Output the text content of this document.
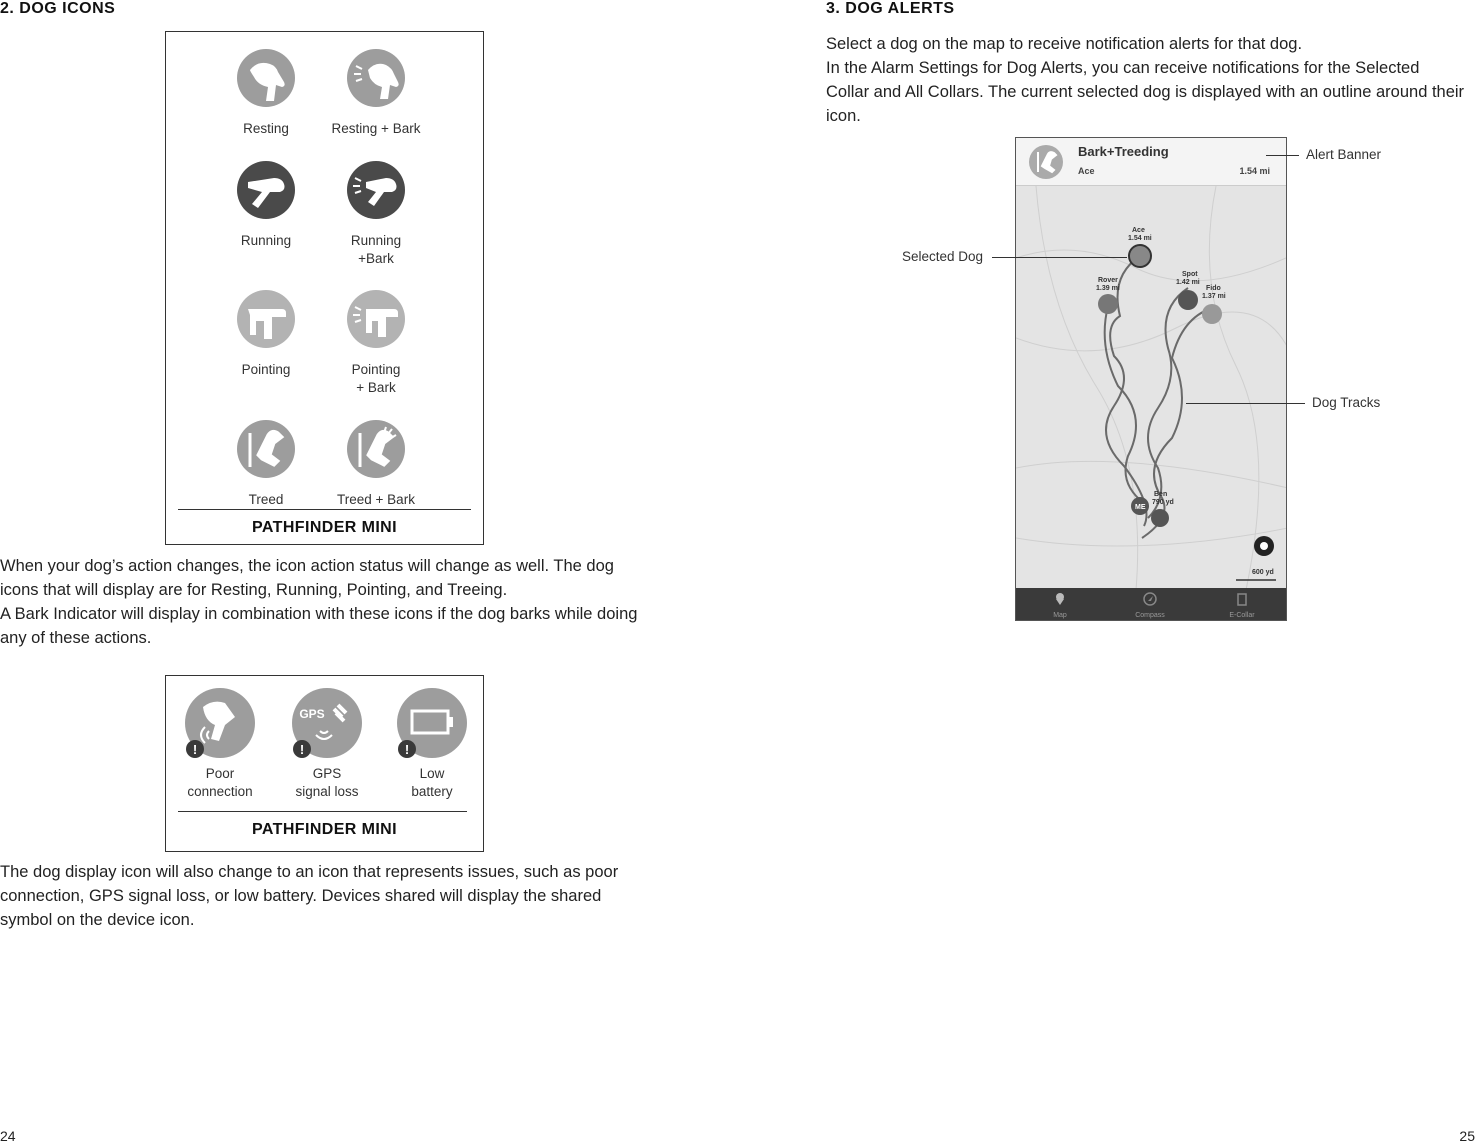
2. DOG ICONS
Resting	Resting + Bark
Running	Running
+Bark
Pointing	Pointing
+ Bark
Treed	Treed + Bark
PATHFINDER MINI
When your dog’s action changes, the icon action status will change as well. The dog icons that will display are for Resting, Running, Pointing, and Treeing.
A Bark Indicator will display in combination with these icons if the dog barks while doing any of these actions.
!
Poor
connection
GPS
!
GPS
signal loss
!
Low
battery
PATHFINDER MINI
The dog display icon will also change to an icon that represents issues, such as poor connection, GPS signal loss, or low battery. Devices shared will display the shared symbol on the device icon.
24
3. DOG ALERTS
Select a dog on the map to receive notification alerts for that dog.
In the Alarm Settings for Dog Alerts, you can receive notifications for the Selected Collar and All Collars. The current selected dog is displayed with an outline around their icon.
Ace
1.54 mi
Rover
1.39 mi
Spot
1.42 mi
Fido
1.37 mi
Ben
790 yd
ME
600 yd
Bark+Treeding
Ace	1.54 mi
Map	Compass	E-Collar
Alert Banner
Selected Dog
Dog Tracks
25
